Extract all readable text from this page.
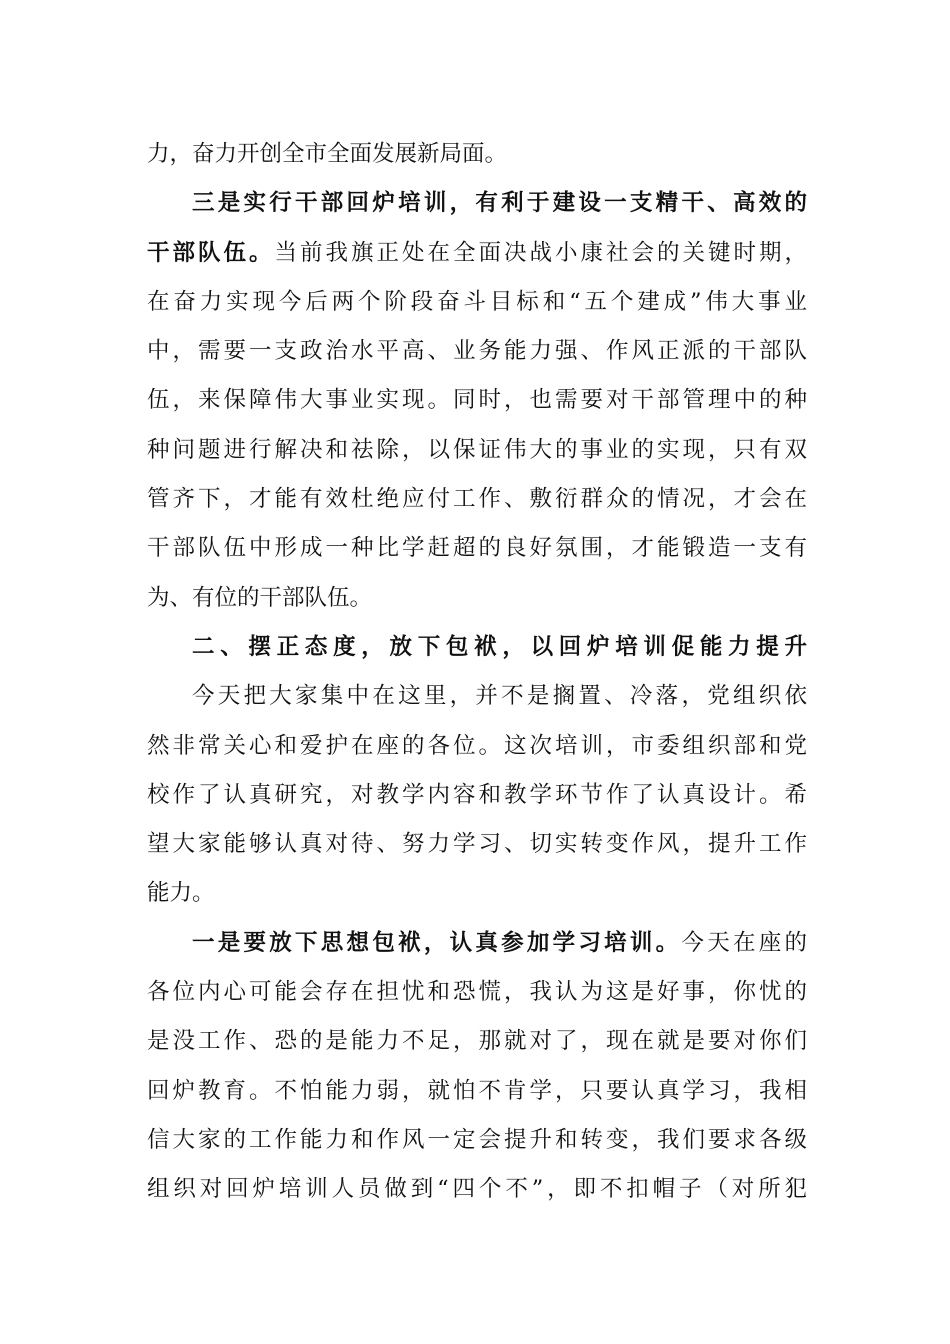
力，奋力开创全市全面发展新局面。
三是实行干部回炉培训，有利于建设一支精干、高效的
干部队伍。当前我旗正处在全面决战小康社会的关键时期，
在奋力实现今后两个阶段奋斗目标和“五个建成”伟大事业
中，需要一支政治水平高、业务能力强、作风正派的干部队
伍，来保障伟大事业实现。同时，也需要对干部管理中的种
种问题进行解决和祛除，以保证伟大的事业的实现，只有双
管齐下，才能有效杜绝应付工作、敷衍群众的情况，才会在
干部队伍中形成一种比学赶超的良好氛围，才能锻造一支有
为、有位的干部队伍。
二、摆正态度，放下包袱，以回炉培训促能力提升
今天把大家集中在这里，并不是搁置、冷落，党组织依
然非常关心和爱护在座的各位。这次培训，市委组织部和党
校作了认真研究，对教学内容和教学环节作了认真设计。希
望大家能够认真对待、努力学习、切实转变作风，提升工作
能力。
一是要放下思想包袱，认真参加学习培训。今天在座的
各位内心可能会存在担忧和恐慌，我认为这是好事，你忧的
是没工作、恐的是能力不足，那就对了，现在就是要对你们
回炉教育。不怕能力弱，就怕不肯学，只要认真学习，我相
信大家的工作能力和作风一定会提升和转变，我们要求各级
组织对回炉培训人员做到“四个不”，即不扣帽子（对所犯
